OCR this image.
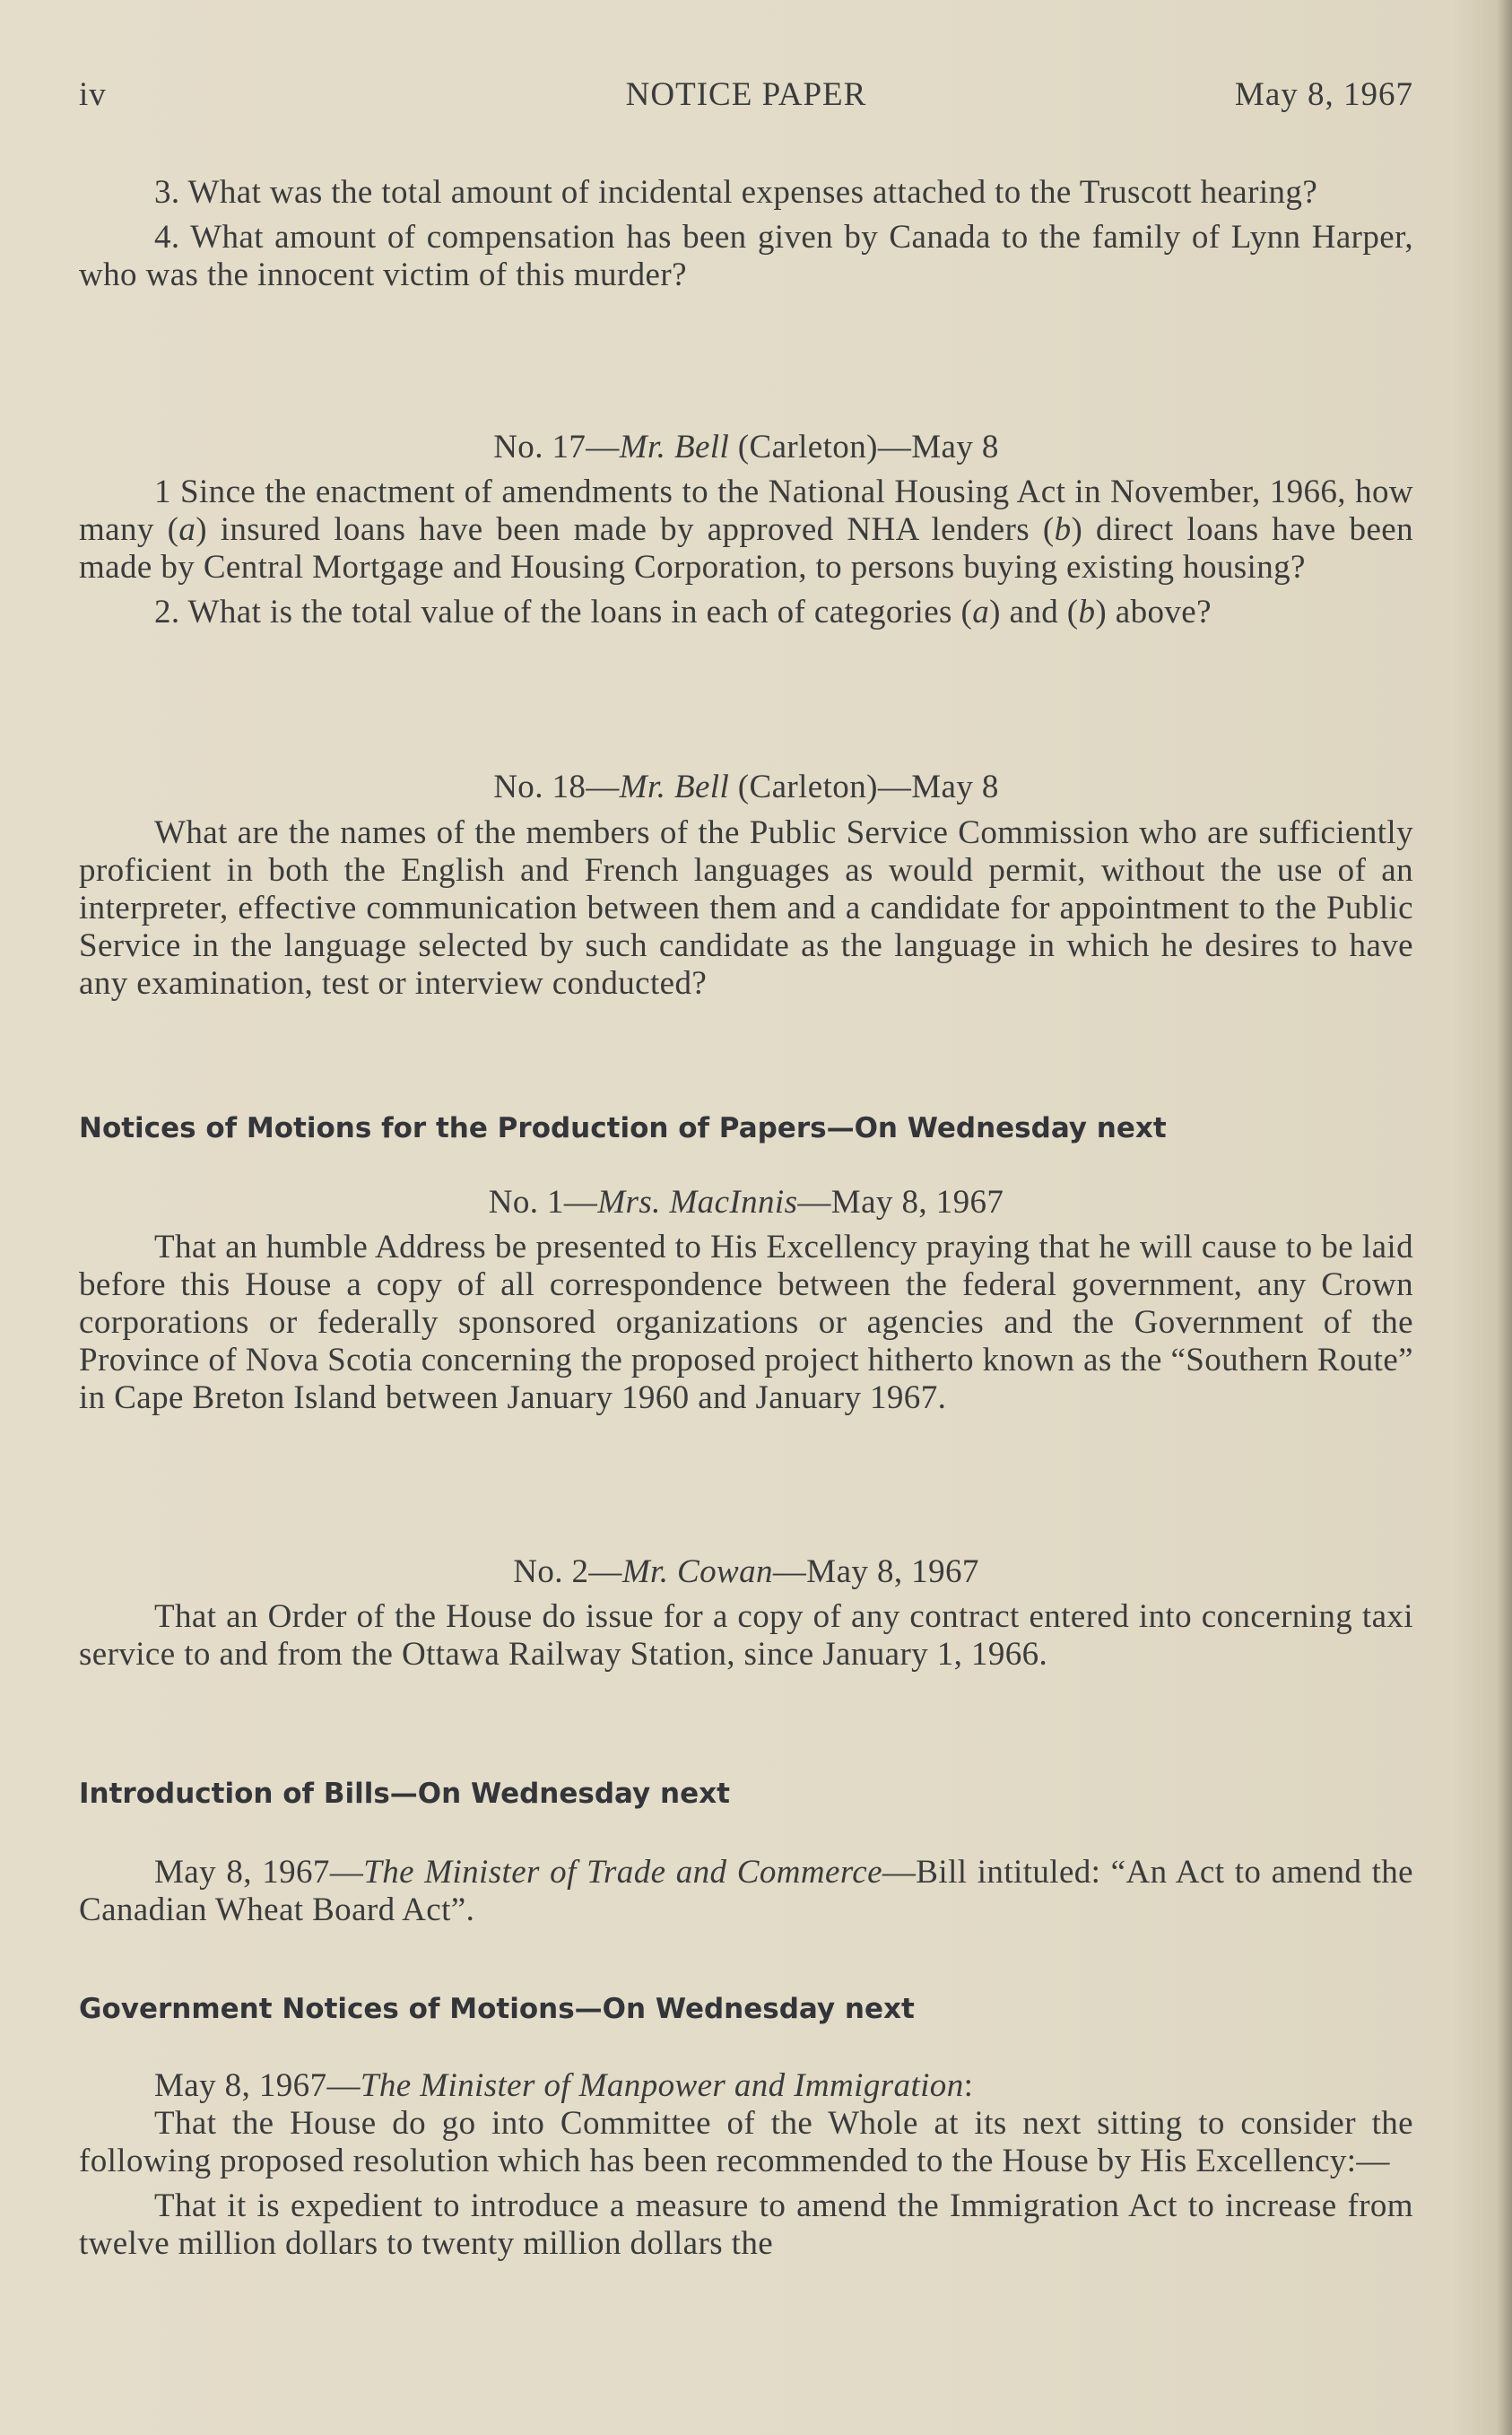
iv	NOTICE PAPER	May 8, 1967

3. What was the total amount of incidental expenses attached to the Truscott hearing?

4. What amount of compensation has been given by Canada to the family of Lynn Harper, who was the innocent victim of this murder?

No. 17—Mr. Bell (Carleton)—May 8

1 Since the enactment of amendments to the National Housing Act in November, 1966, how many (a) insured loans have been made by approved NHA lenders (b) direct loans have been made by Central Mortgage and Housing Corporation, to persons buying existing housing?

2. What is the total value of the loans in each of categories (a) and (b) above?

No. 18—Mr. Bell (Carleton)—May 8

What are the names of the members of the Public Service Commission who are sufficiently proficient in both the English and French languages as would permit, without the use of an interpreter, effective communication between them and a candidate for appointment to the Public Service in the language selected by such candidate as the language in which he desires to have any examination, test or interview conducted?

Notices of Motions for the Production of Papers—On Wednesday next
No. 1—Mrs. MacInnis—May 8, 1967

That an humble Address be presented to His Excellency praying that he will cause to be laid before this House a copy of all correspondence between the federal government, any Crown corporations or federally sponsored organizations or agencies and the Government of the Province of Nova Scotia concerning the proposed project hitherto known as the “Southern Route” in Cape Breton Island between January 1960 and January 1967.

No. 2—Mr. Cowan—May 8, 1967

That an Order of the House do issue for a copy of any contract entered into concerning taxi service to and from the Ottawa Railway Station, since January 1, 1966.

Introduction of Bills—On Wednesday next

May 8, 1967—The Minister of Trade and Commerce—Bill intituled: “An Act to amend the Canadian Wheat Board Act”.

Government Notices of Motions—On Wednesday next

May 8, 1967—The Minister of Manpower and Immigration:

That the House do go into Committee of the Whole at its next sitting to consider the following proposed resolution which has been recommended to the House by His Excellency:—

That it is expedient to introduce a measure to amend the Immigration Act to increase from twelve million dollars to twenty million dollars the
